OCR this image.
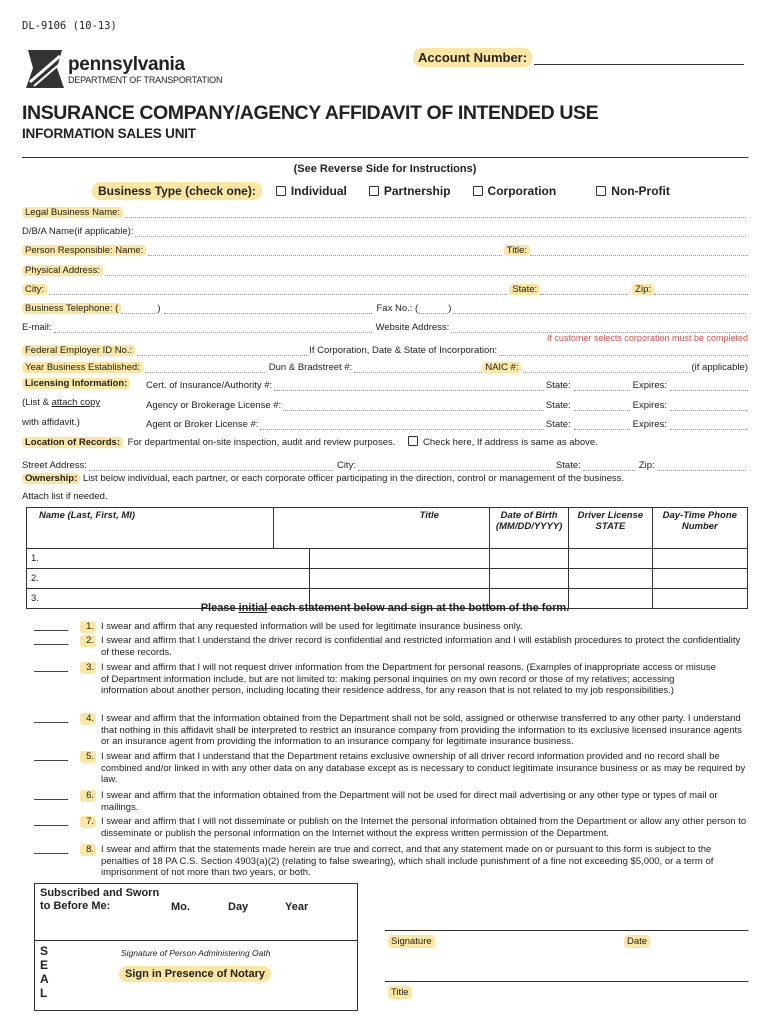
DL-9106 (10-13)
pennsylvania
DEPARTMENT OF TRANSPORTATION
Account Number:
INSURANCE COMPANY/AGENCY AFFIDAVIT OF INTENDED USE
INFORMATION SALES UNIT
(See Reverse Side for Instructions)
Business Type (check one):	Individual	Partnership	Corporation	Non-Profit
Legal Business Name:
D/B/A Name(if applicable):
Person Responsible: Name:	Title:
Physical Address:
City:	State:	Zip:
Business Telephone: (	)	Fax No.: (	)
E-mail:	Website Address:
Federal Employer ID No.:	If Corporation, Date & State of Incorporation:
If customer selects corporation must be completed
Year Business Established:	Dun & Bradstreet #:	NAIC #:	(if applicable)
Licensing Information:
(List & attach copy
with affidavit.)
Cert. of Insurance/Authority #:	State:	Expires:
Agency or Brokerage License #:	State:	Expires:
Agent or Broker License #:	State:	Expires:
Location of Records: For departmental on-site inspection, audit and review purposes.	Check here, If address is same as above.
Street Address:	City:	State:	Zip:
Ownership: List below individual, each partner, or each corporate officer participating in the direction, control or management of the business.
Attach list if needed.
Name (Last, First, MI)	Title	Date of Birth (MM/DD/YYYY)	Driver License STATE	Day-Time Phone Number
1.	

2.	

3.	

Please initial each statement below and sign at the bottom of the form.
1. I swear and affirm that any requested information will be used for legitimate insurance business only.
2. I swear and affirm that I understand the driver record is confidential and restricted information and I will establish procedures to protect the confidentiality of these records.
3. I swear and affirm that I will not request driver information from the Department for personal reasons. (Examples of inappropriate access or misuse of Department information include, but are not limited to: making personal inquiries on my own record or those of my relatives; accessing information about another person, including locating their residence address, for any reason that is not related to my job responsibilities.)
4. I swear and affirm that the information obtained from the Department shall not be sold, assigned or otherwise transferred to any other party. I understand that nothing in this affidavit shall be interpreted to restrict an insurance company from providing the information to its exclusive licensed insurance agents or an insurance agent from providing the information to an insurance company for legitimate insurance business.
5. I swear and affirm that I understand that the Department retains exclusive ownership of all driver record information provided and no record shall be combined and/or linked in with any other data on any database except as is necessary to conduct legitimate insurance business or as may be required by law.
6. I swear and affirm that the information obtained from the Department will not be used for direct mail advertising or any other type or types of mail or mailings.
7. I swear and affirm that I will not disseminate or publish on the Internet the personal information obtained from the Department or allow any other person to disseminate or publish the personal information on the Internet without the express written permission of the Department.
8. I swear and affirm that the statements made herein are true and correct, and that any statement made on or pursuant to this form is subject to the penalties of 18 PA C.S. Section 4903(a)(2) (relating to false swearing), which shall include punishment of a fine not exceeding $5,000, or a term of imprisonment of not more than two years, or both.
Subscribed and Sworn
to Before Me:	Mo.	Day	Year
S
E
A
L
Signature of Person Administering Oath
Sign in Presence of Notary
Signature	Date
Title
